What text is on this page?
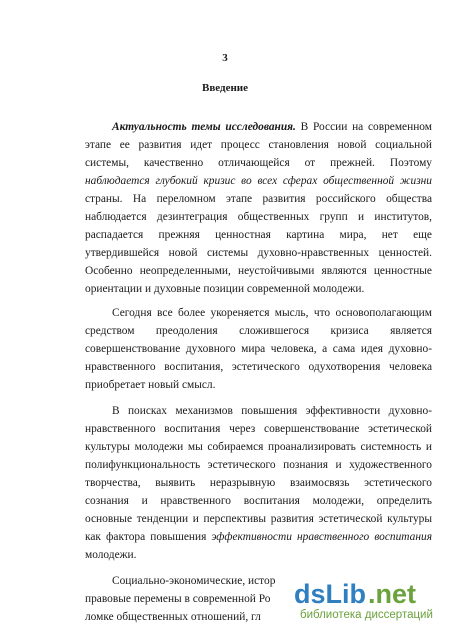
3
Введение
Актуальность темы исследования. В России на современном
этапе ее развития идет процесс становления новой социальной
системы, качественно отличающейся от прежней. Поэтому
наблюдается глубокий кризис во всех сферах общественной жизни
страны. На переломном этапе развития российского общества
наблюдается дезинтеграция общественных групп и институтов,
распадается прежняя ценностная картина мира, нет еще
утвердившейся новой системы духовно-нравственных ценностей.
Особенно неопределенными, неустойчивыми являются ценностные
ориентации и духовные позиции современной молодежи.
Сегодня все более укореняется мысль, что основополагающим
средством преодоления сложившегося кризиса является
совершенствование духовного мира человека, а сама идея духовно-
нравственного воспитания, эстетического одухотворения человека
приобретает новый смысл.
В поисках механизмов повышения эффективности духовно-
нравственного воспитания через совершенствование эстетической
культуры молодежи мы собираемся проанализировать системность и
полифункциональность эстетического познания и художественного
творчества, выявить неразрывную взаимосвязь эстетического
сознания и нравственного воспитания молодежи, определить
основные тенденции и перспективы развития эстетической культуры
как фактора повышения эффективности нравственного воспитания
молодежи.
Социально-экономические, истор
правовые перемены в современной Ро
ломке общественных отношений, гл
dsLib .net
библиотека диссертаций
